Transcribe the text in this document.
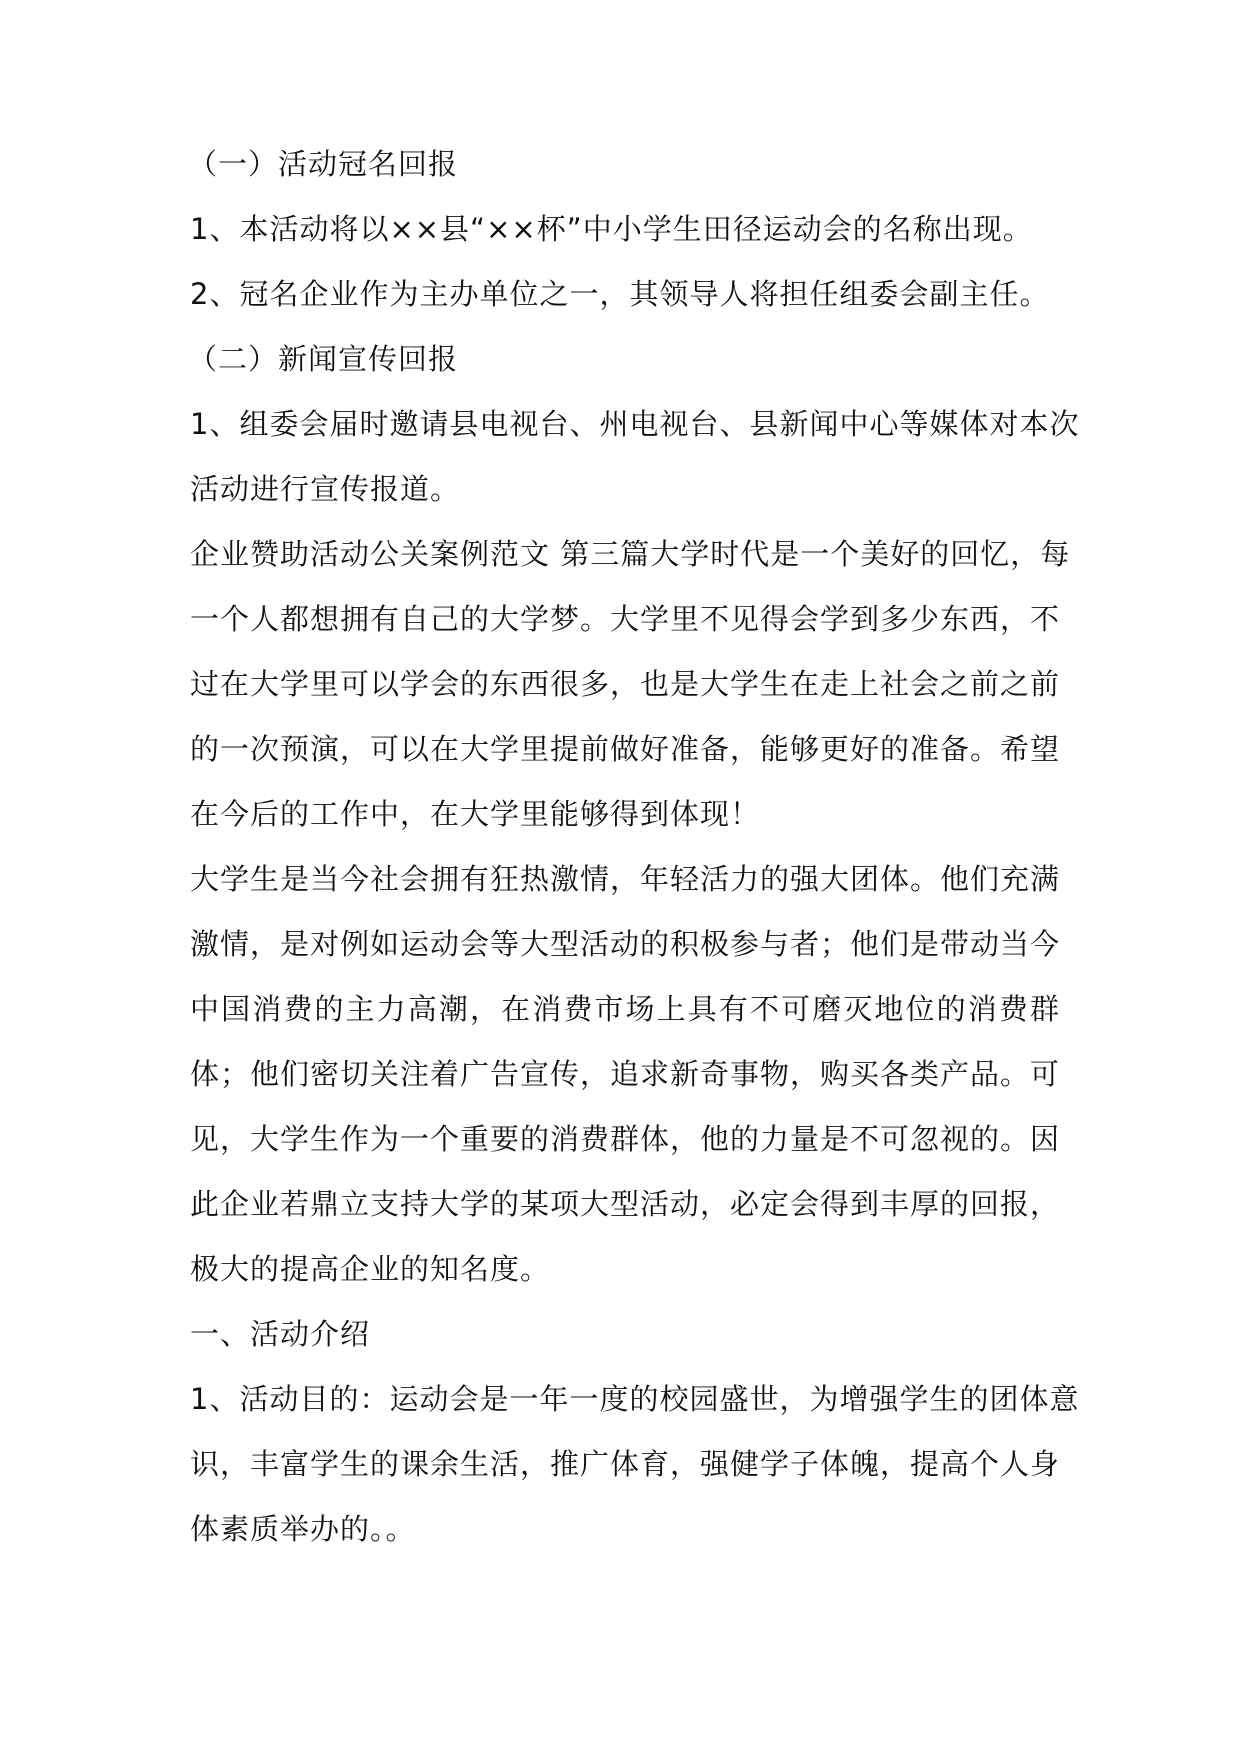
（一）活动冠名回报

1、本活动将以××县“××杯”中小学生田径运动会的名称出现。

2、冠名企业作为主办单位之一，其领导人将担任组委会副主任。

（二）新闻宣传回报

1、组委会届时邀请县电视台、州电视台、县新闻中心等媒体对本次

活动进行宣传报道。

企业赞助活动公关案例范文 第三篇大学时代是一个美好的回忆，每

一个人都想拥有自己的大学梦。大学里不见得会学到多少东西，不

过在大学里可以学会的东西很多，也是大学生在走上社会之前之前

的一次预演，可以在大学里提前做好准备，能够更好的准备。希望

在今后的工作中，在大学里能够得到体现！

大学生是当今社会拥有狂热激情，年轻活力的强大团体。他们充满

激情，是对例如运动会等大型活动的积极参与者；他们是带动当今

中国消费的主力高潮，在消费市场上具有不可磨灭地位的消费群

体；他们密切关注着广告宣传，追求新奇事物，购买各类产品。可

见，大学生作为一个重要的消费群体，他的力量是不可忽视的。因

此企业若鼎立支持大学的某项大型活动，必定会得到丰厚的回报，

极大的提高企业的知名度。

一、活动介绍

1、活动目的：运动会是一年一度的校园盛世，为增强学生的团体意

识，丰富学生的课余生活，推广体育，强健学子体魄，提高个人身

体素质举办的。。
